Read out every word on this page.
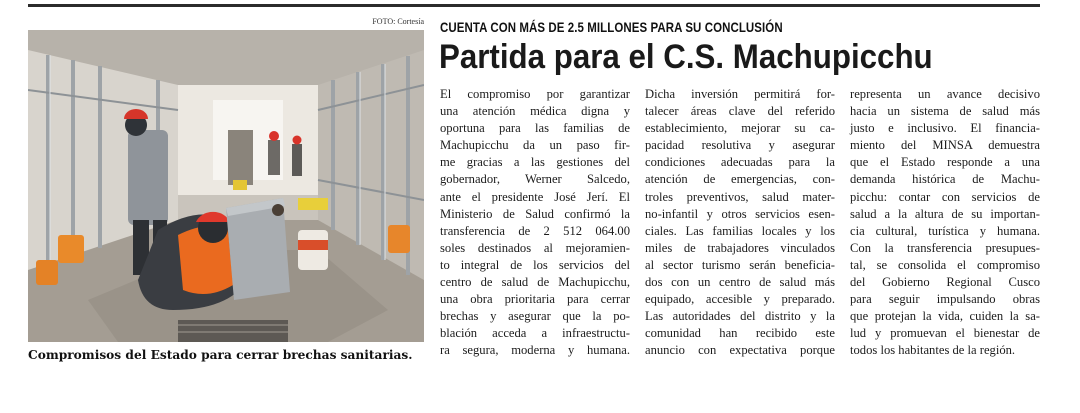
FOTO: Cortesía
Compromisos del Estado para cerrar brechas sanitarias.
CUENTA CON MÁS DE 2.5 MILLONES PARA SU CONCLUSIÓN
Partida para el C.S. Machupicchu
El compromiso por garantizar
una atención médica digna y
oportuna para las familias de
Machupicchu da un paso fir-
me gracias a las gestiones del
gobernador, Werner Salcedo,
ante el presidente José Jerí. El
Ministerio de Salud confirmó la
transferencia de 2 512 064.00
soles destinados al mejoramien-
to integral de los servicios del
centro de salud de Machupicchu,
una obra prioritaria para cerrar
brechas y asegurar que la po-
blación acceda a infraestructu-
ra segura, moderna y humana.
Dicha inversión permitirá for-
talecer áreas clave del referido
establecimiento, mejorar su ca-
pacidad resolutiva y asegurar
condiciones adecuadas para la
atención de emergencias, con-
troles preventivos, salud mater-
no-infantil y otros servicios esen-
ciales. Las familias locales y los
miles de trabajadores vinculados
al sector turismo serán beneficia-
dos con un centro de salud más
equipado, accesible y preparado.
Las autoridades del distrito y la
comunidad han recibido este
anuncio con expectativa porque
representa un avance decisivo
hacia un sistema de salud más
justo e inclusivo. El financia-
miento del MINSA demuestra
que el Estado responde a una
demanda histórica de Machu-
picchu: contar con servicios de
salud a la altura de su importan-
cia cultural, turística y humana.
Con la transferencia presupues-
tal, se consolida el compromiso
del Gobierno Regional Cusco
para seguir impulsando obras
que protejan la vida, cuiden la sa-
lud y promuevan el bienestar de
todos los habitantes de la región.
